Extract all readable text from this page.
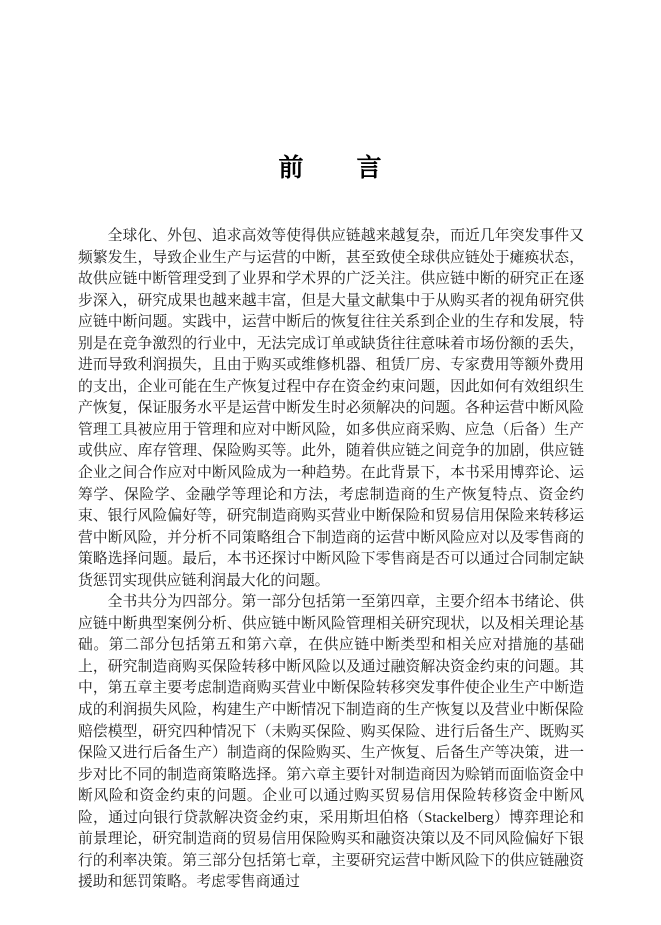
前　　言

全球化、外包、追求高效等使得供应链越来越复杂，而近几年突发事件又频繁发生，导致企业生产与运营的中断，甚至致使全球供应链处于瘫痪状态，故供应链中断管理受到了业界和学术界的广泛关注。供应链中断的研究正在逐步深入，研究成果也越来越丰富，但是大量文献集中于从购买者的视角研究供应链中断问题。实践中，运营中断后的恢复往往关系到企业的生存和发展，特别是在竞争激烈的行业中，无法完成订单或缺货往往意味着市场份额的丢失，进而导致利润损失，且由于购买或维修机器、租赁厂房、专家费用等额外费用的支出，企业可能在生产恢复过程中存在资金约束问题，因此如何有效组织生产恢复，保证服务水平是运营中断发生时必须解决的问题。各种运营中断风险管理工具被应用于管理和应对中断风险，如多供应商采购、应急（后备）生产或供应、库存管理、保险购买等。此外，随着供应链之间竞争的加剧，供应链企业之间合作应对中断风险成为一种趋势。在此背景下，本书采用博弈论、运筹学、保险学、金融学等理论和方法，考虑制造商的生产恢复特点、资金约束、银行风险偏好等，研究制造商购买营业中断保险和贸易信用保险来转移运营中断风险，并分析不同策略组合下制造商的运营中断风险应对以及零售商的策略选择问题。最后，本书还探讨中断风险下零售商是否可以通过合同制定缺货惩罚实现供应链利润最大化的问题。

全书共分为四部分。第一部分包括第一至第四章，主要介绍本书绪论、供应链中断典型案例分析、供应链中断风险管理相关研究现状，以及相关理论基础。第二部分包括第五和第六章，在供应链中断类型和相关应对措施的基础上，研究制造商购买保险转移中断风险以及通过融资解决资金约束的问题。其中，第五章主要考虑制造商购买营业中断保险转移突发事件使企业生产中断造成的利润损失风险，构建生产中断情况下制造商的生产恢复以及营业中断保险赔偿模型，研究四种情况下（未购买保险、购买保险、进行后备生产、既购买保险又进行后备生产）制造商的保险购买、生产恢复、后备生产等决策，进一步对比不同的制造商策略选择。第六章主要针对制造商因为赊销而面临资金中断风险和资金约束的问题。企业可以通过购买贸易信用保险转移资金中断风险，通过向银行贷款解决资金约束，采用斯坦伯格（Stackelberg）博弈理论和前景理论，研究制造商的贸易信用保险购买和融资决策以及不同风险偏好下银行的利率决策。第三部分包括第七章，主要研究运营中断风险下的供应链融资援助和惩罚策略。考虑零售商通过
